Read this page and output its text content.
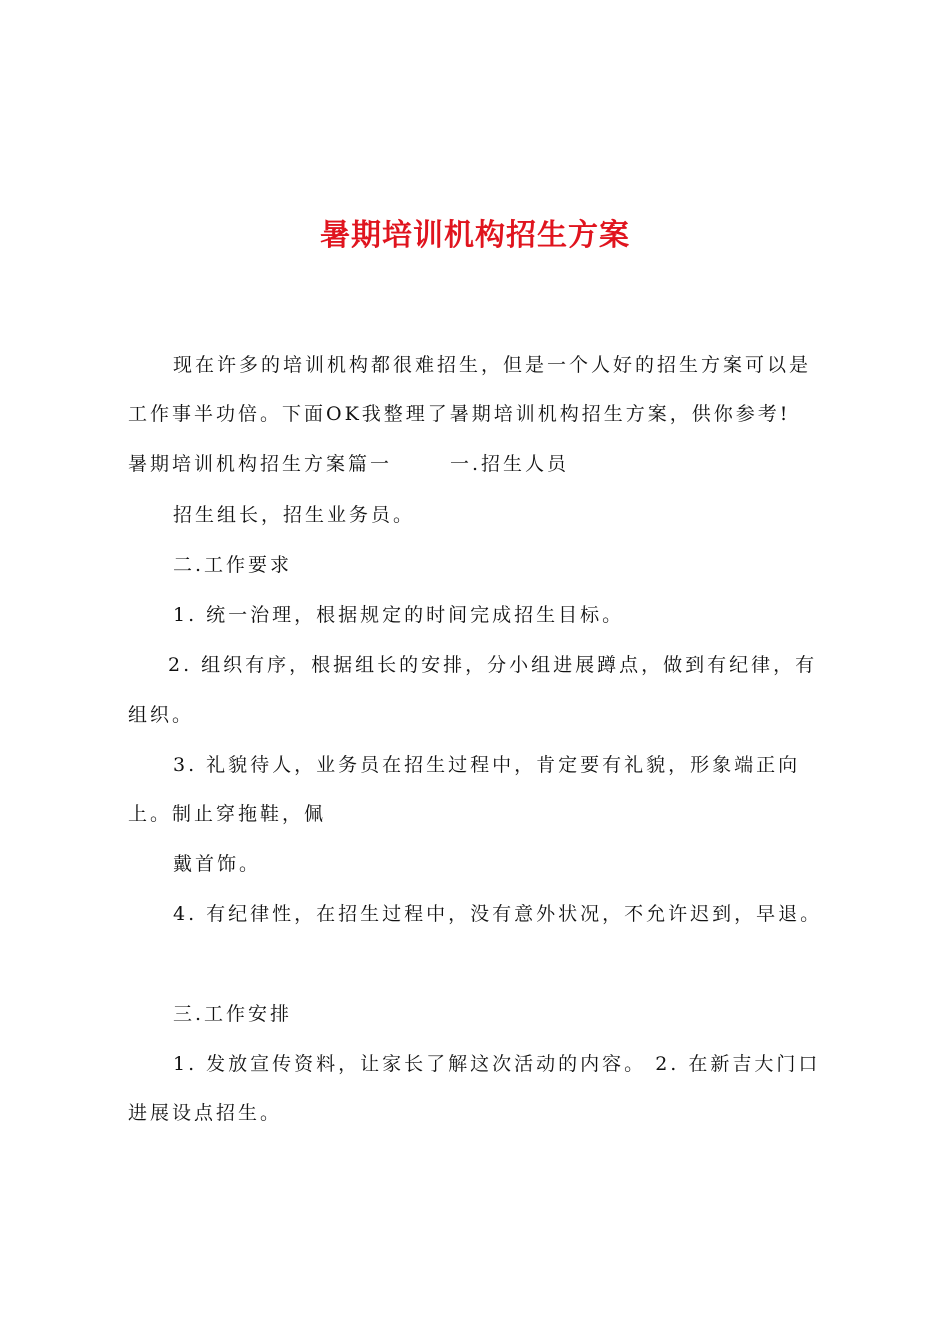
暑期培训机构招生方案

现在许多的培训机构都很难招生，但是一个人好的招生方案可以是

工作事半功倍。下面OK我整理了暑期培训机构招生方案，供你参考!

暑期培训机构招生方案篇一	一.招生人员

招生组长，招生业务员。

二.工作要求

1. 统一治理，根据规定的时间完成招生目标。

2. 组织有序，根据组长的安排，分小组进展蹲点，做到有纪律，有

组织。

3. 礼貌待人，业务员在招生过程中，肯定要有礼貌，形象端正向

上。制止穿拖鞋，佩

戴首饰。

4. 有纪律性，在招生过程中，没有意外状况，不允许迟到，早退。

三.工作安排

1. 发放宣传资料，让家长了解这次活动的内容。 2. 在新吉大门口

进展设点招生。
